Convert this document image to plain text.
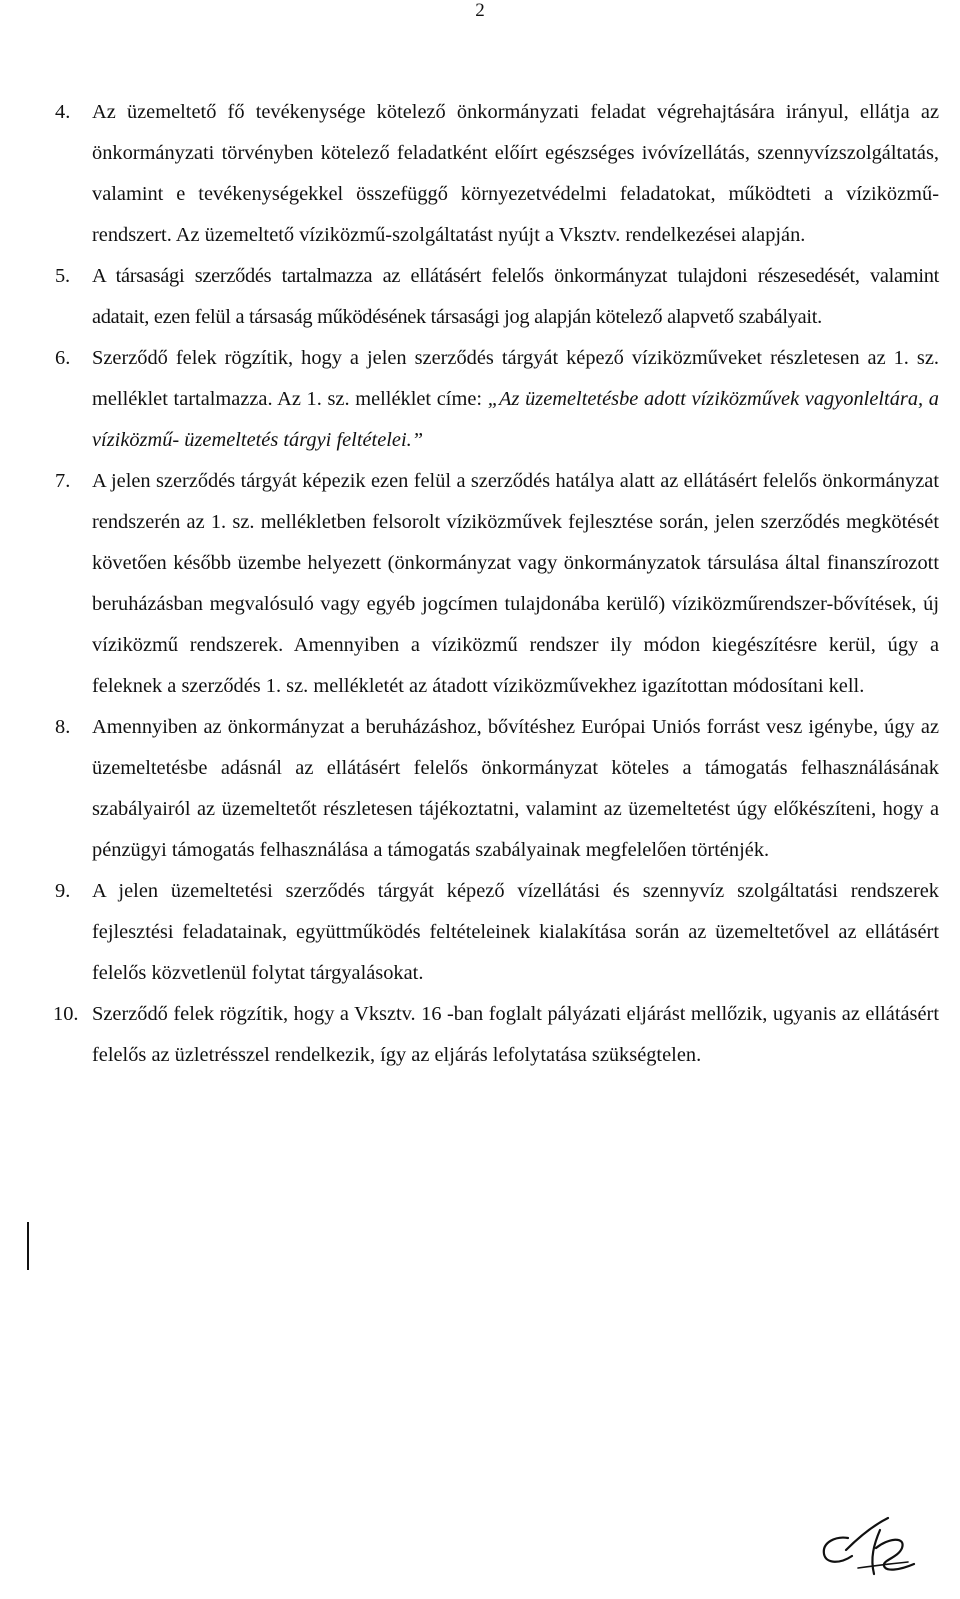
2
4. Az üzemeltető fő tevékenysége kötelező önkormányzati feladat végrehajtására irányul, ellátja az önkormányzati törvényben kötelező feladatként előírt egészséges ivóvízellátás, szennyvízszolgáltatás, valamint e tevékenységekkel összefüggő környezetvédelmi feladatokat, működteti a víziközmű-rendszert. Az üzemeltető víziközmű-szolgáltatást nyújt a Vksztv. rendelkezései alapján.
5. A társasági szerződés tartalmazza az ellátásért felelős önkormányzat tulajdoni részesedését, valamint adatait, ezen felül a társaság működésének társasági jog alapján kötelező alapvető szabályait.
6. Szerződő felek rögzítik, hogy a jelen szerződés tárgyát képező víziközműveket részletesen az 1. sz. melléklet tartalmazza. Az 1. sz. melléklet címe: „Az üzemeltetésbe adott víziközművek vagyonleltára, a víziközmű- üzemeltetés tárgyi feltételei.”
7. A jelen szerződés tárgyát képezik ezen felül a szerződés hatálya alatt az ellátásért felelős önkormányzat rendszerén az 1. sz. mellékletben felsorolt víziközművek fejlesztése során, jelen szerződés megkötését követően később üzembe helyezett (önkormányzat vagy önkormányzatok társulása által finanszírozott beruházásban megvalósuló vagy egyéb jogcímen tulajdonába kerülő) víziközműrendszer-bővítések, új víziközmű rendszerek. Amennyiben a víziközmű rendszer ily módon kiegészítésre kerül, úgy a feleknek a szerződés 1. sz. mellékletét az átadott víziközművekhez igazítottan módosítani kell.
8. Amennyiben az önkormányzat a beruházáshoz, bővítéshez Európai Uniós forrást vesz igénybe, úgy az üzemeltetésbe adásnál az ellátásért felelős önkormányzat köteles a támogatás felhasználásának szabályairól az üzemeltetőt részletesen tájékoztatni, valamint az üzemeltetést úgy előkészíteni, hogy a pénzügyi támogatás felhasználása a támogatás szabályainak megfelelően történjék.
9. A jelen üzemeltetési szerződés tárgyát képező vízellátási és szennyvíz szolgáltatási rendszerek fejlesztési feladatainak, együttműködés feltételeinek kialakítása során az üzemeltetővel az ellátásért felelős közvetlenül folytat tárgyalásokat.
10. Szerződő felek rögzítik, hogy a Vksztv. 16 -ban foglalt pályázati eljárást mellőzik, ugyanis az ellátásért felelős az üzletrésszel rendelkezik, így az eljárás lefolytatása szükségtelen.
